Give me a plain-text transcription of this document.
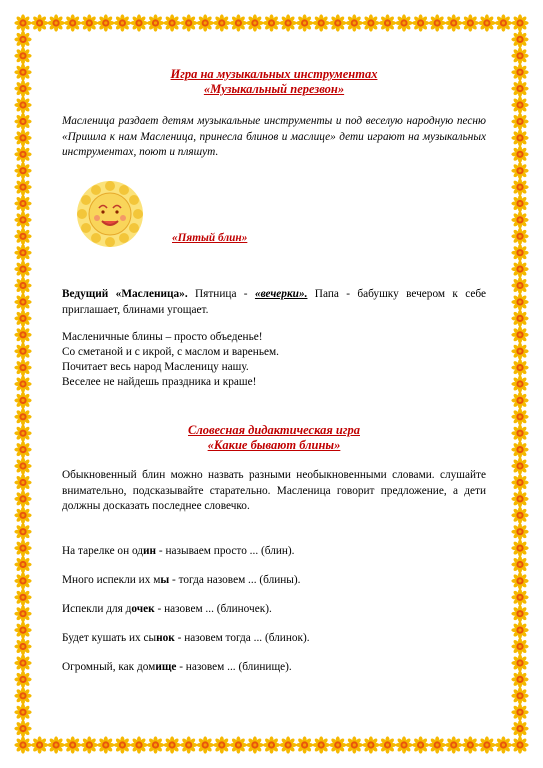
Игра на музыкальных инструментах
«Музыкальный перезвон»
Масленица раздает детям музыкальные инструменты и под веселую народную песню «Пришла к нам Масленица, принесла блинов и маслице» дети играют на музыкальных инструментах, поют и пляшут.
«Пятый блин»
Ведущий «Масленица». Пятница - «вечерки». Папа - бабушку вечером к себе приглашает, блинами угощает.
Масленичные блины – просто объеденье!
Со сметаной и с икрой, с маслом и вареньем.
Почитает весь народ Масленицу нашу.
Веселее не найдешь праздника и краше!
Словесная дидактическая игра
«Какие бывают блины»
Обыкновенный блин можно назвать разными необыкновенными словами. слушайте внимательно, подсказывайте старательно. Масленица говорит предложение, а дети должны досказать последнее словечко.
На тарелке он один - называем просто ... (блин).
Много испекли их мы - тогда назовем ... (блины).
Испекли для дочек - назовем ... (блиночек).
Будет кушать их сынок - назовем тогда ... (блинок).
Огромный, как домище - назовем ... (блинище).
